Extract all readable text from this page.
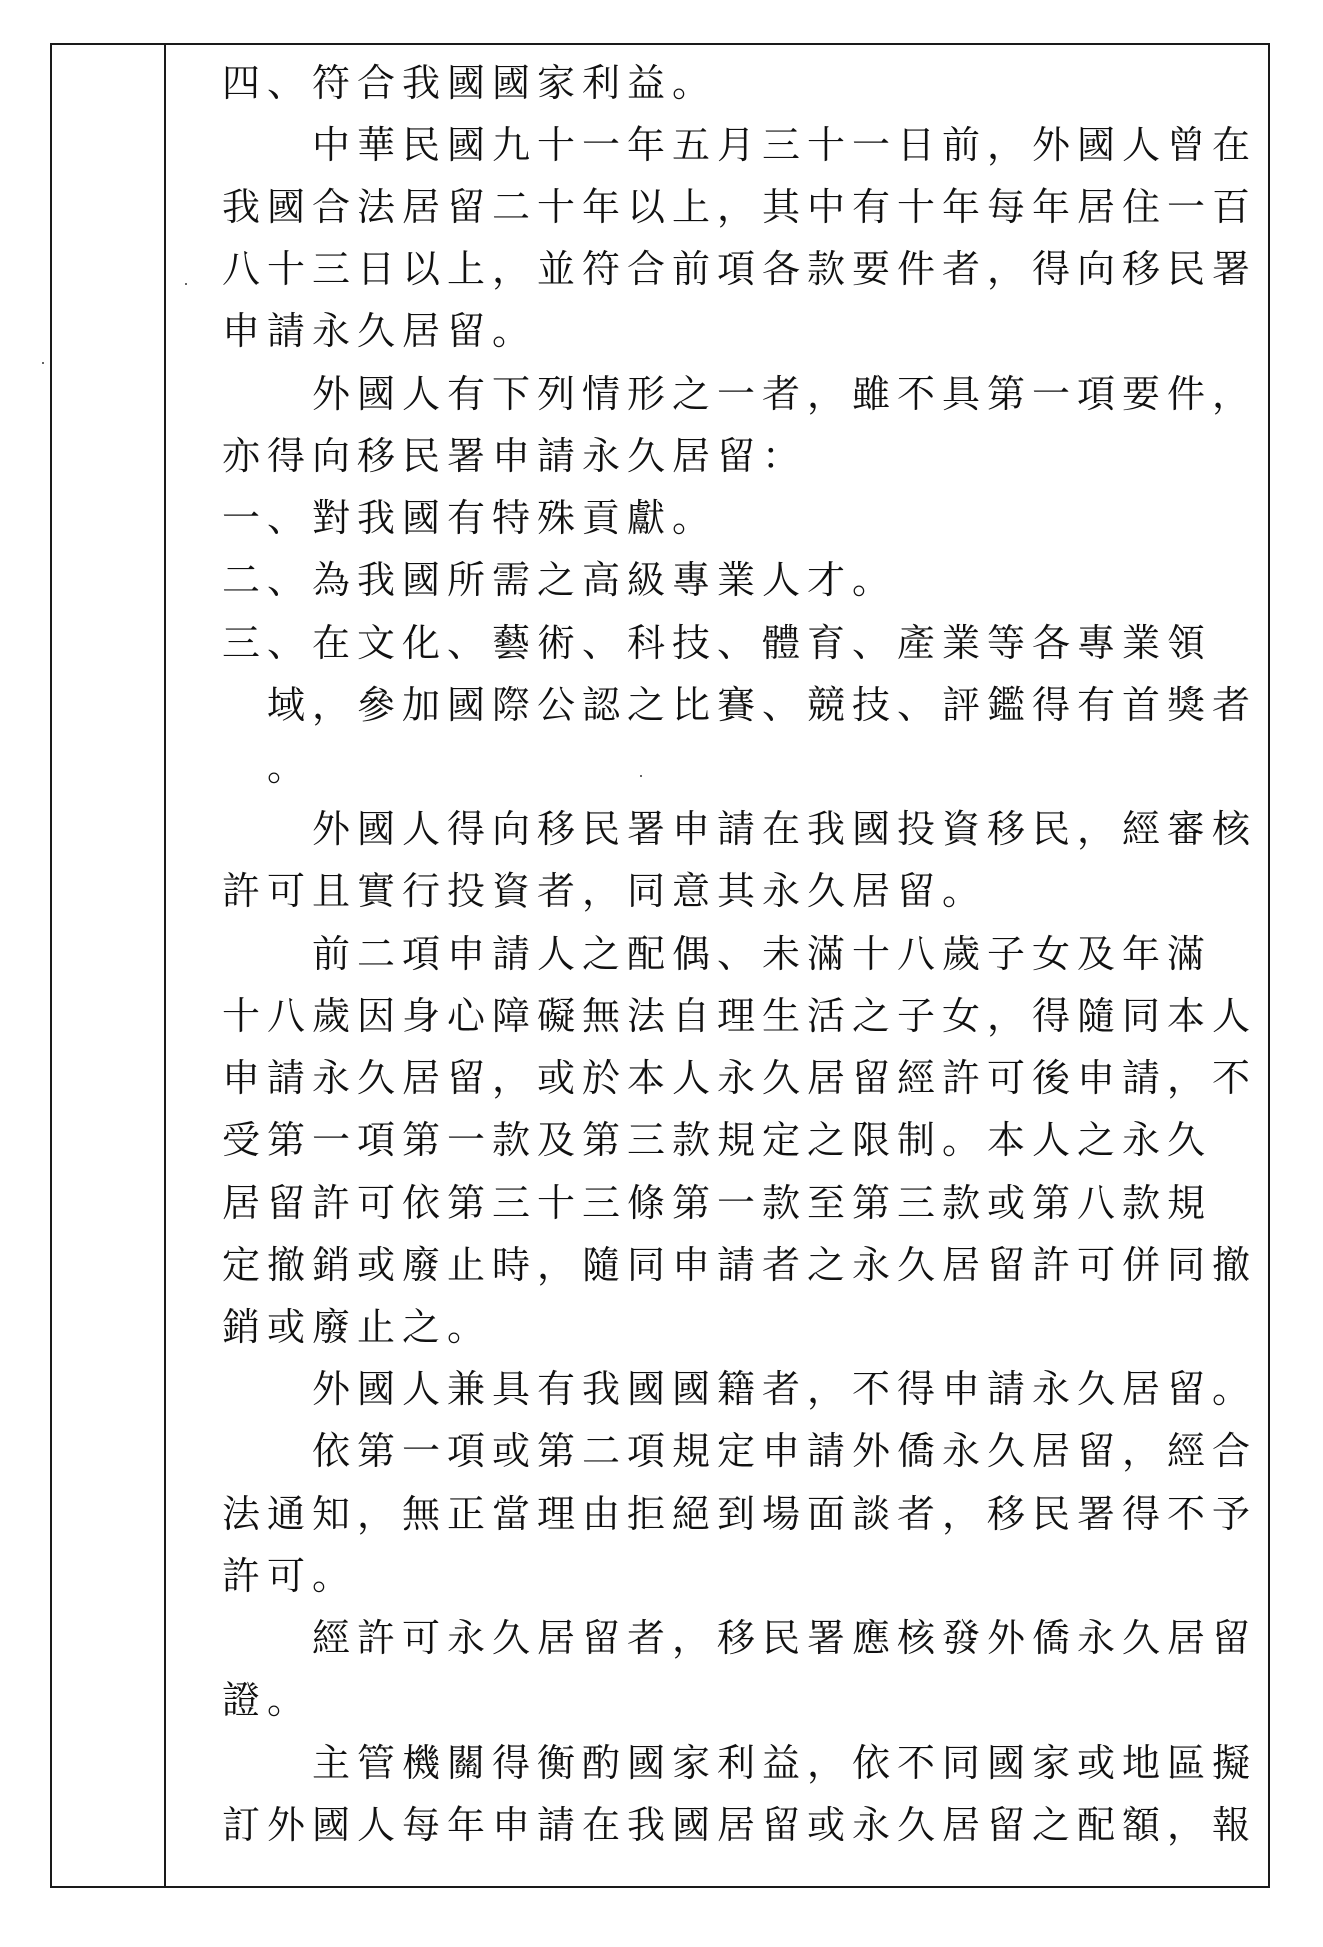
四、符合我國國家利益。
　　中華民國九十一年五月三十一日前，外國人曾在
我國合法居留二十年以上，其中有十年每年居住一百
八十三日以上，並符合前項各款要件者，得向移民署
申請永久居留。
　　外國人有下列情形之一者，雖不具第一項要件，
亦得向移民署申請永久居留：
一、對我國有特殊貢獻。
二、為我國所需之高級專業人才。
三、在文化、藝術、科技、體育、產業等各專業領
　域，參加國際公認之比賽、競技、評鑑得有首獎者
　。
　　外國人得向移民署申請在我國投資移民，經審核
許可且實行投資者，同意其永久居留。
　　前二項申請人之配偶、未滿十八歲子女及年滿
十八歲因身心障礙無法自理生活之子女，得隨同本人
申請永久居留，或於本人永久居留經許可後申請，不
受第一項第一款及第三款規定之限制。本人之永久
居留許可依第三十三條第一款至第三款或第八款規
定撤銷或廢止時，隨同申請者之永久居留許可併同撤
銷或廢止之。
　　外國人兼具有我國國籍者，不得申請永久居留。
　　依第一項或第二項規定申請外僑永久居留，經合
法通知，無正當理由拒絕到場面談者，移民署得不予
許可。
　　經許可永久居留者，移民署應核發外僑永久居留
證。
　　主管機關得衡酌國家利益，依不同國家或地區擬
訂外國人每年申請在我國居留或永久居留之配額，報
